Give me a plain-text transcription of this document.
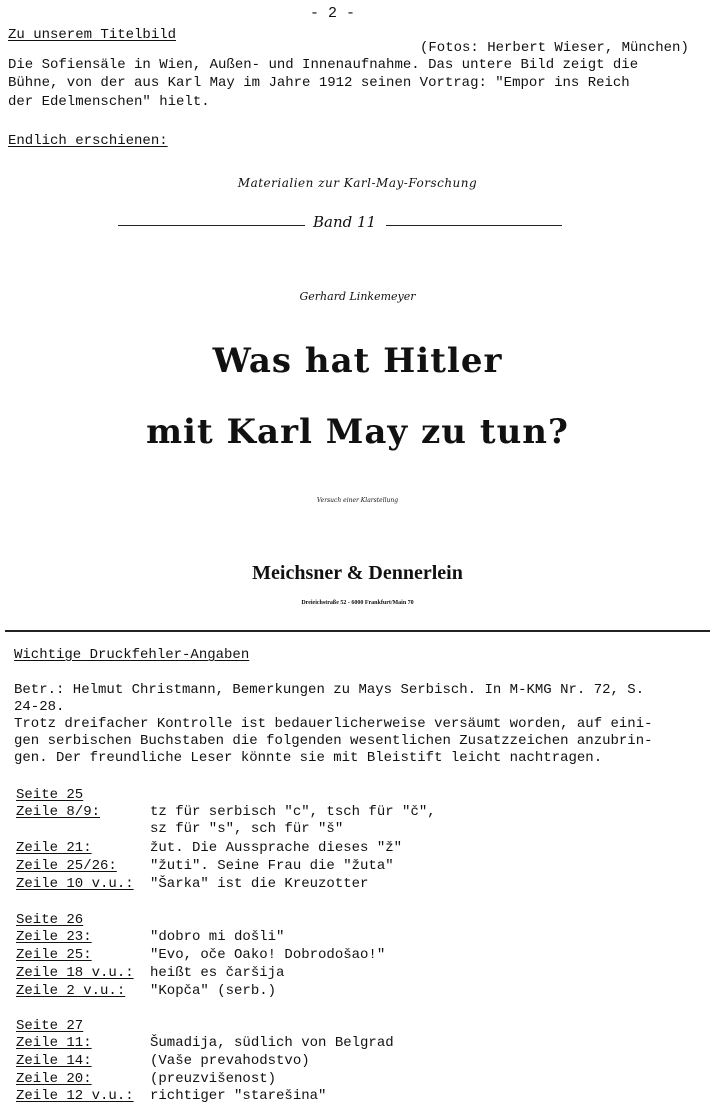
- 2 -
Zu unserem Titelbild
(Fotos: Herbert Wieser, München)
Die Sofiensäle in Wien, Außen- und Innenaufnahme. Das untere Bild zeigt die
Bühne, von der aus Karl May im Jahre 1912 seinen Vortrag: "Empor ins Reich
der Edelmenschen" hielt.
Endlich erschienen:
Materialien zur Karl-May-Forschung
Band 11
Gerhard Linkemeyer
Was hat Hitler
mit Karl May zu tun?
Versuch einer Klarstellung
Meichsner & Dennerlein
Dreieichstraße 52 - 6000 Frankfurt/Main 70
Wichtige Druckfehler-Angaben
Betr.: Helmut Christmann, Bemerkungen zu Mays Serbisch. In M-KMG Nr. 72, S.
24-28.
Trotz dreifacher Kontrolle ist bedauerlicherweise versäumt worden, auf eini-
gen serbischen Buchstaben die folgenden wesentlichen Zusatzzeichen anzubrin-
gen. Der freundliche Leser könnte sie mit Bleistift leicht nachtragen.
Seite 25
Zeile 8/9:	tz für serbisch "c", tsch für "č",
sz für "s", sch für "š"
Zeile 21:	žut. Die Aussprache dieses "ž"
Zeile 25/26: "žuti". Seine Frau die "žuta"
Zeile 10 v.u.: "Šarka" ist die Kreuzotter
Seite 26
Zeile 23:	"dobro mi došli"
Zeile 25:	"Evo, oče Oako! Dobrodošao!"
Zeile 18 v.u.: heißt es čaršija
Zeile 2 v.u.: "Kopča" (serb.)
Seite 27
Zeile 11:	Šumadija, südlich von Belgrad
Zeile 14:	(Vaše prevahodstvo)
Zeile 20:	(preuzvišenost)
Zeile 12 v.u.: richtiger "starešina"
